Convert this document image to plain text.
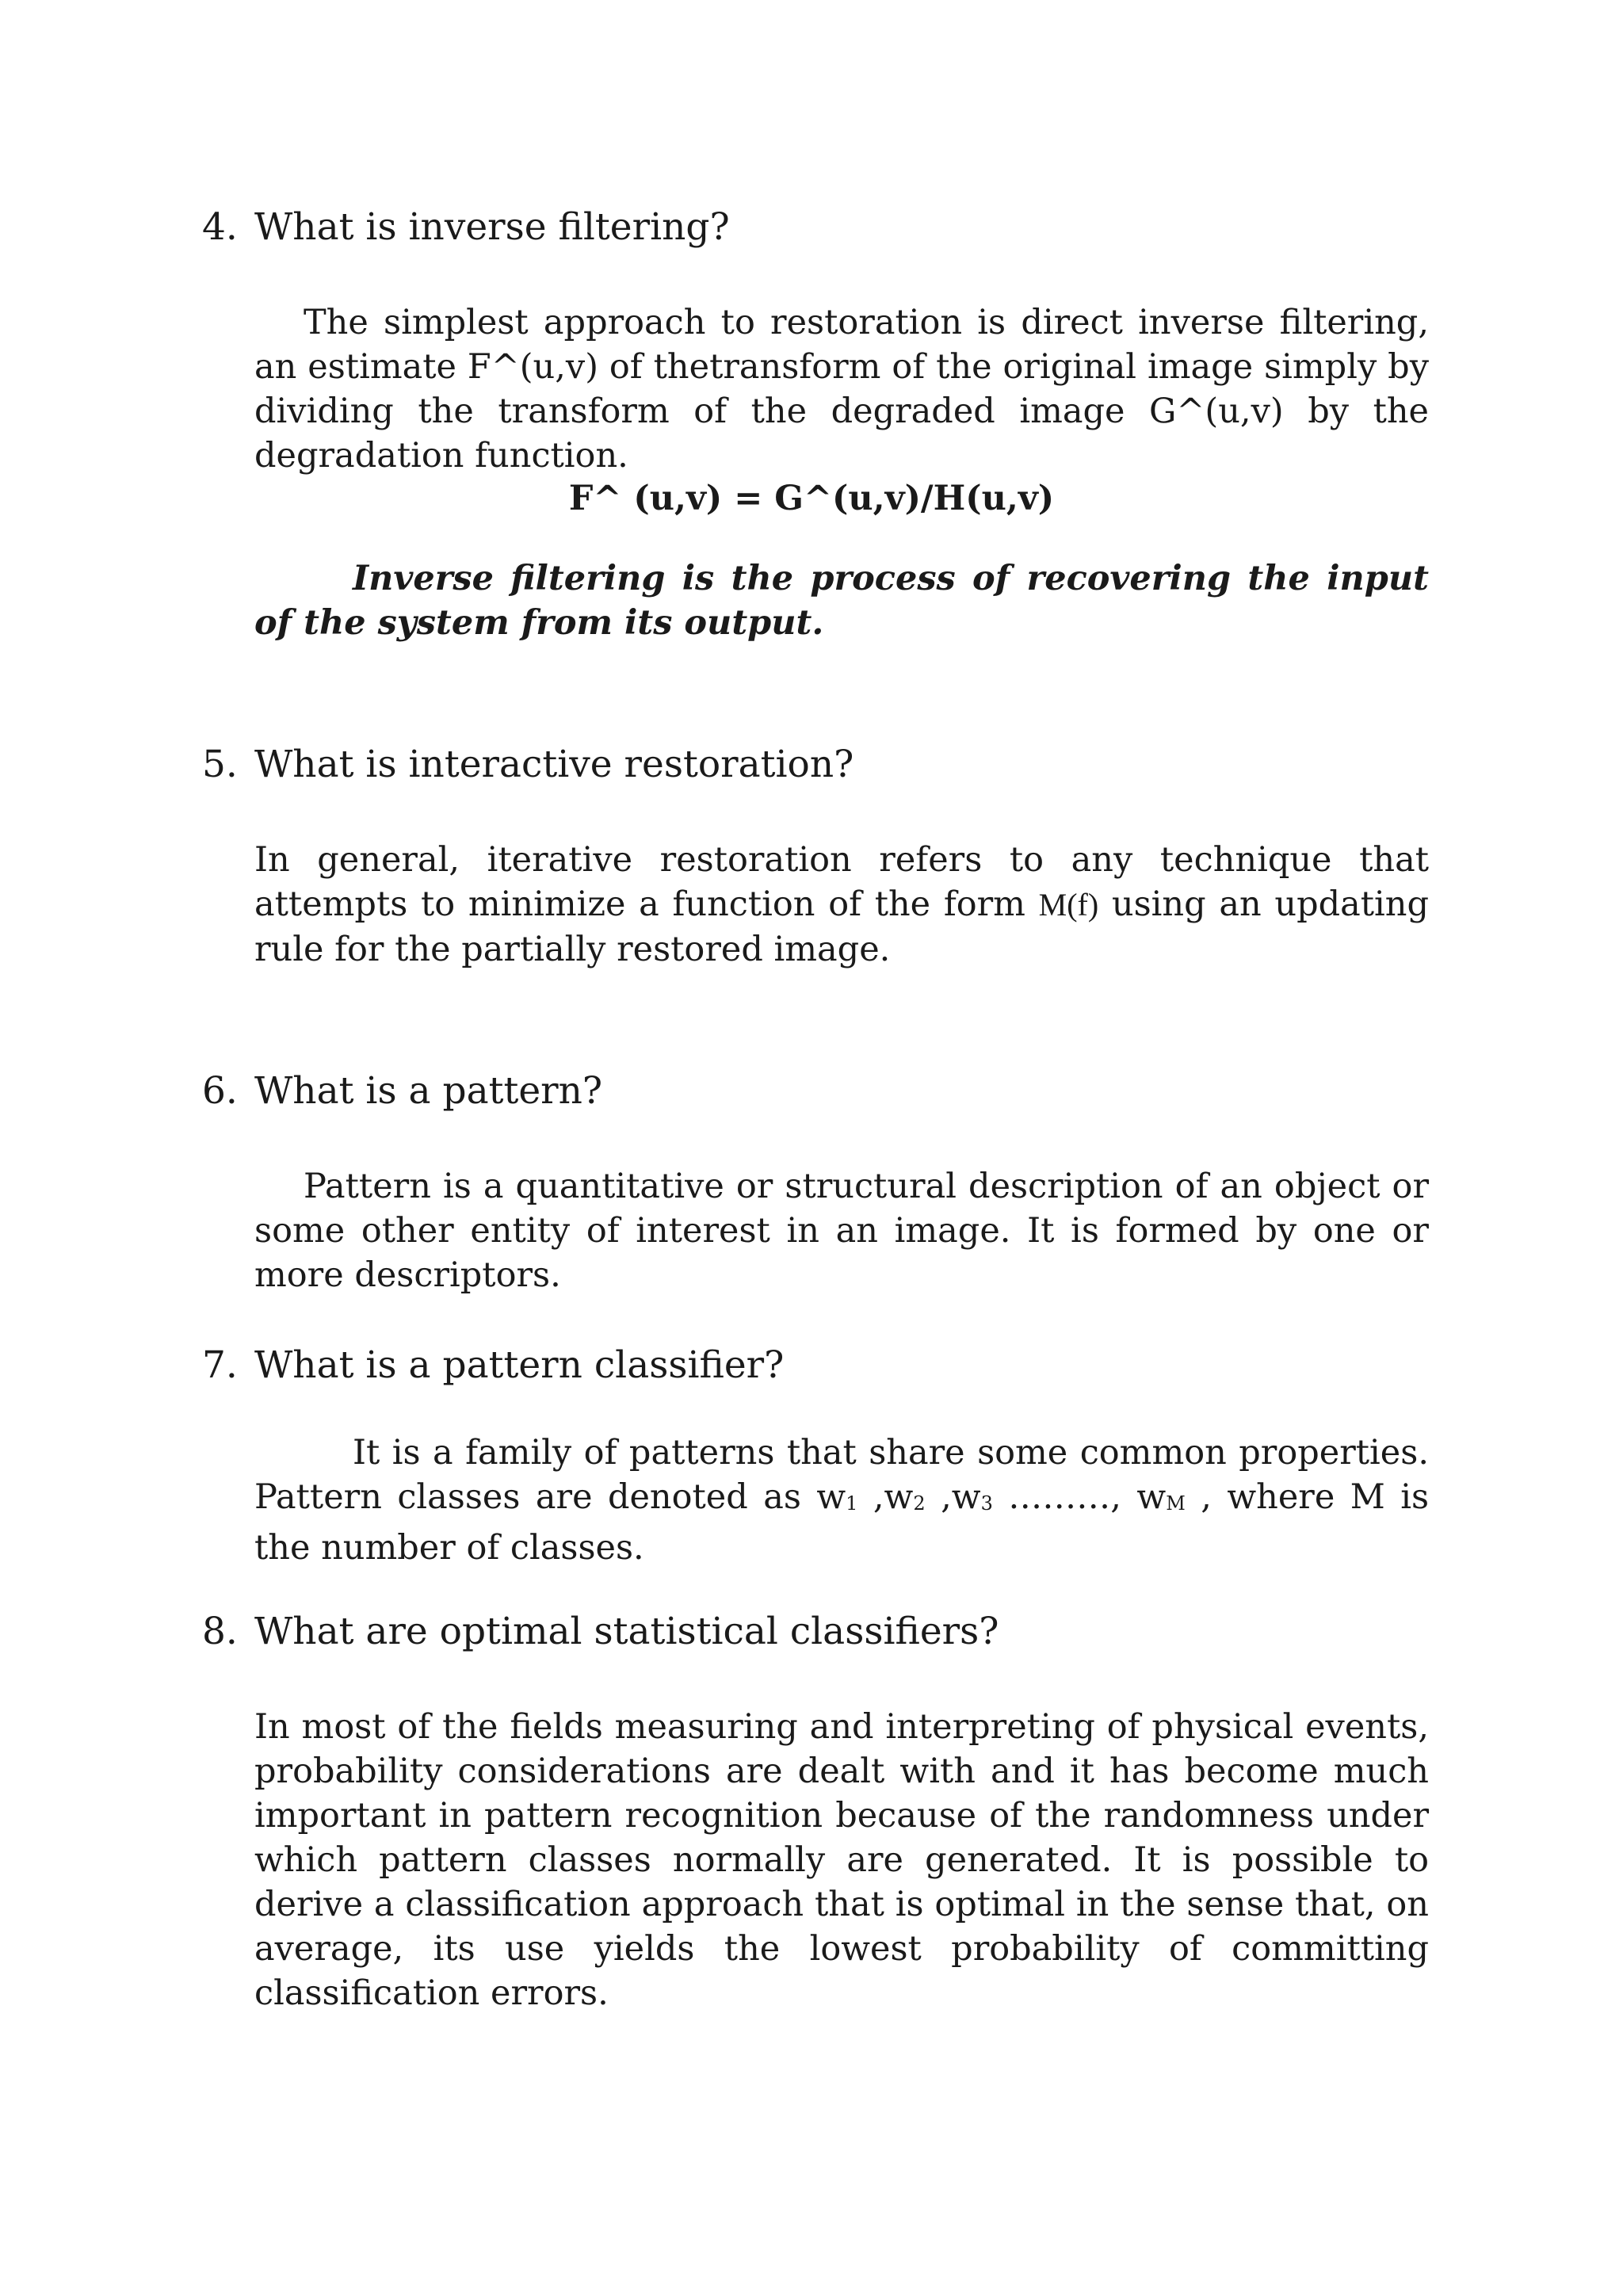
4. What is inverse filtering?
The simplest approach to restoration is direct inverse filtering, an estimate F^(u,v) of thetransform of the original image simply by dividing the transform of the degraded image G^(u,v) by the degradation function.
F^ (u,v) = G^(u,v)/H(u,v)
Inverse filtering is the process of recovering the input of the system from its output.
5. What is interactive restoration?
In general, iterative restoration refers to any technique that attempts to minimize a function of the form M(f) using an updating rule for the partially restored image.
6. What is a pattern?
Pattern is a quantitative or structural description of an object or some other entity of interest in an image. It is formed by one or more descriptors.
7. What is a pattern classifier?
It is a family of patterns that share some common properties. Pattern classes are denoted as w1 ,w2 ,w3 ………, wM , where M is the number of classes.
8. What are optimal statistical classifiers?
In most of the fields measuring and interpreting of physical events, probability considerations are dealt with and it has become much important in pattern recognition because of the randomness under which pattern classes normally are generated. It is possible to derive a classification approach that is optimal in the sense that, on average, its use yields the lowest probability of committing classification errors.
